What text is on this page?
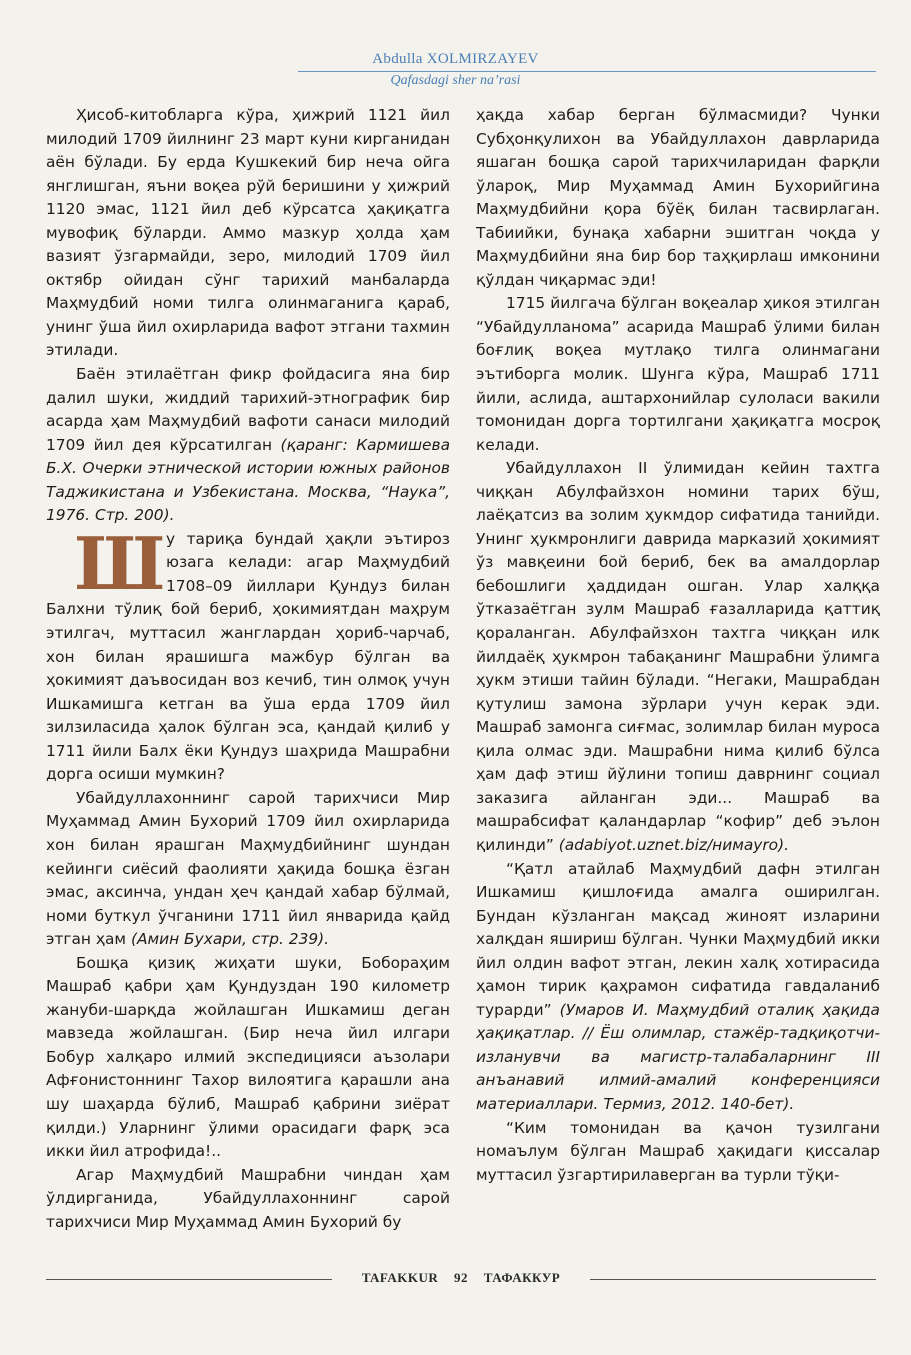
Abdulla XOLMIRZAYEV
Qafasdagi sher na’rasi

Ҳисоб-китобларга кўра, ҳижрий 1121 йил милодий 1709 йилнинг 23 март куни кирганидан аён бўлади. Бу ерда Кушкекий бир неча ойга янглишган, яъни воқеа рўй беришини у ҳижрий 1120 эмас, 1121 йил деб кўрсатса ҳақиқатга мувофиқ бўларди. Аммо мазкур ҳолда ҳам вазият ўзгармайди, зеро, милодий 1709 йил октябр ойидан сўнг тарихий манбаларда Маҳмудбий номи тилга олинмаганига қараб, унинг ўша йил охирларида вафот этгани тахмин этилади.

Баён этилаётган фикр фойдасига яна бир далил шуки, жиддий тарихий-этнографик бир асарда ҳам Маҳмудбий вафоти санаси милодий 1709 йил дея кўрсатилган (қаранг: Кармишева Б.Х. Очерки этнической истории южных районов Таджикистана и Узбекистана. Москва, “Наука”, 1976. Стр. 200).

Шу тариқа бундай ҳақли эътироз юзага келади: агар Маҳмудбий 1708–09 йиллари Қундуз билан Балхни тўлиқ бой бериб, ҳокимиятдан маҳрум этилгач, муттасил жанглардан ҳориб-чарчаб, хон билан ярашишга мажбур бўлган ва ҳокимият даъвосидан воз кечиб, тин олмоқ учун Ишкамишга кетган ва ўша ерда 1709 йил зилзиласида ҳалок бўлган эса, қандай қилиб у 1711 йили Балх ёки Қундуз шаҳрида Машрабни дорга осиши мумкин?

Убайдуллахоннинг сарой тарихчиси Мир Муҳаммад Амин Бухорий 1709 йил охирларида хон билан ярашган Маҳмудбийнинг шундан кейинги сиёсий фаолияти ҳақида бошқа ёзган эмас, аксинча, ундан ҳеч қандай хабар бўлмай, номи буткул ўчганини 1711 йил январида қайд этган ҳам (Амин Бухари, стр. 239).

Бошқа қизиқ жиҳати шуки, Бобораҳим Машраб қабри ҳам Қундуздан 190 километр жануби-шарқда жойлашган Ишкамиш деган мавзеда жойлашган. (Бир неча йил илгари Бобур халқаро илмий экспедицияси аъзолари Афғонистоннинг Тахор вилоятига қарашли ана шу шаҳарда бўлиб, Машраб қабрини зиёрат қилди.) Уларнинг ўлими орасидаги фарқ эса икки йил атрофида!..

Агар Маҳмудбий Машрабни чиндан ҳам ўлдирганида, Убайдуллахоннинг сарой тарихчиси Мир Муҳаммад Амин Бухорий бу

ҳақда хабар берган бўлмасмиди? Чунки Субҳонқулихон ва Убайдуллахон даврларида яшаган бошқа сарой тарихчиларидан фарқли ўлароқ, Мир Муҳаммад Амин Бухорийгина Маҳмудбийни қора бўёқ билан тасвирлаган. Табиийки, бунақа хабарни эшитган чоқда у Маҳмудбийни яна бир бор таҳқирлаш имконини қўлдан чиқармас эди!

1715 йилгача бўлган воқеалар ҳикоя этилган “Убайдулланома” асарида Машраб ўлими билан боғлиқ воқеа мутлақо тилга олинмагани эътиборга молик. Шунга кўра, Машраб 1711 йили, аслида, аштархонийлар сулоласи вакили томонидан дорга тортилгани ҳақиқатга мосроқ келади.

Убайдуллахон II ўлимидан кейин тахтга чиққан Абулфайзхон номини тарих бўш, лаёқатсиз ва золим ҳукмдор сифатида танийди. Унинг ҳукмронлиги даврида марказий ҳокимият ўз мавқеини бой бериб, бек ва амалдорлар бебошлиги ҳаддидан ошган. Улар халққа ўтказаётган зулм Машраб ғазалларида қаттиқ қораланган. Абулфайзхон тахтга чиққан илк йилдаёқ ҳукмрон табақанинг Машрабни ўлимга ҳукм этиши тайин бўлади. “Негаки, Машрабдан қутулиш замона зўрлари учун керак эди. Машраб замонга сиғмас, золимлар билан муроса қила олмас эди. Машрабни нима қилиб бўлса ҳам даф этиш йўлини топиш даврнинг социал заказига айланган эди... Машраб ва машрабсифат қаландарлар “кофир” деб эълон қилинди” (adabiyot.uznet.biz/нимаyro).

“Қатл атайлаб Маҳмудбий дафн этилган Ишкамиш қишлоғида амалга оширилган. Бундан кўзланган мақсад жиноят изларини халқдан яшириш бўлган. Чунки Маҳмудбий икки йил олдин вафот этган, лекин халқ хотирасида ҳамон тирик қаҳрамон сифатида гавдаланиб турарди” (Умаров И. Маҳмудбий оталиқ ҳақида ҳақиқатлар. // Ёш олимлар, стажёр-тадқиқотчи-изланувчи ва магистр-талабаларнинг III анъанавий илмий-амалий конференцияси материаллари. Термиз, 2012. 140-бет).

“Ким томонидан ва қачон тузилгани номаълум бўлган Машраб ҳақидаги қиссалар муттасил ўзгартирилаверган ва турли тўқи-

TAFAKKUR 92 ТАФАККУР
